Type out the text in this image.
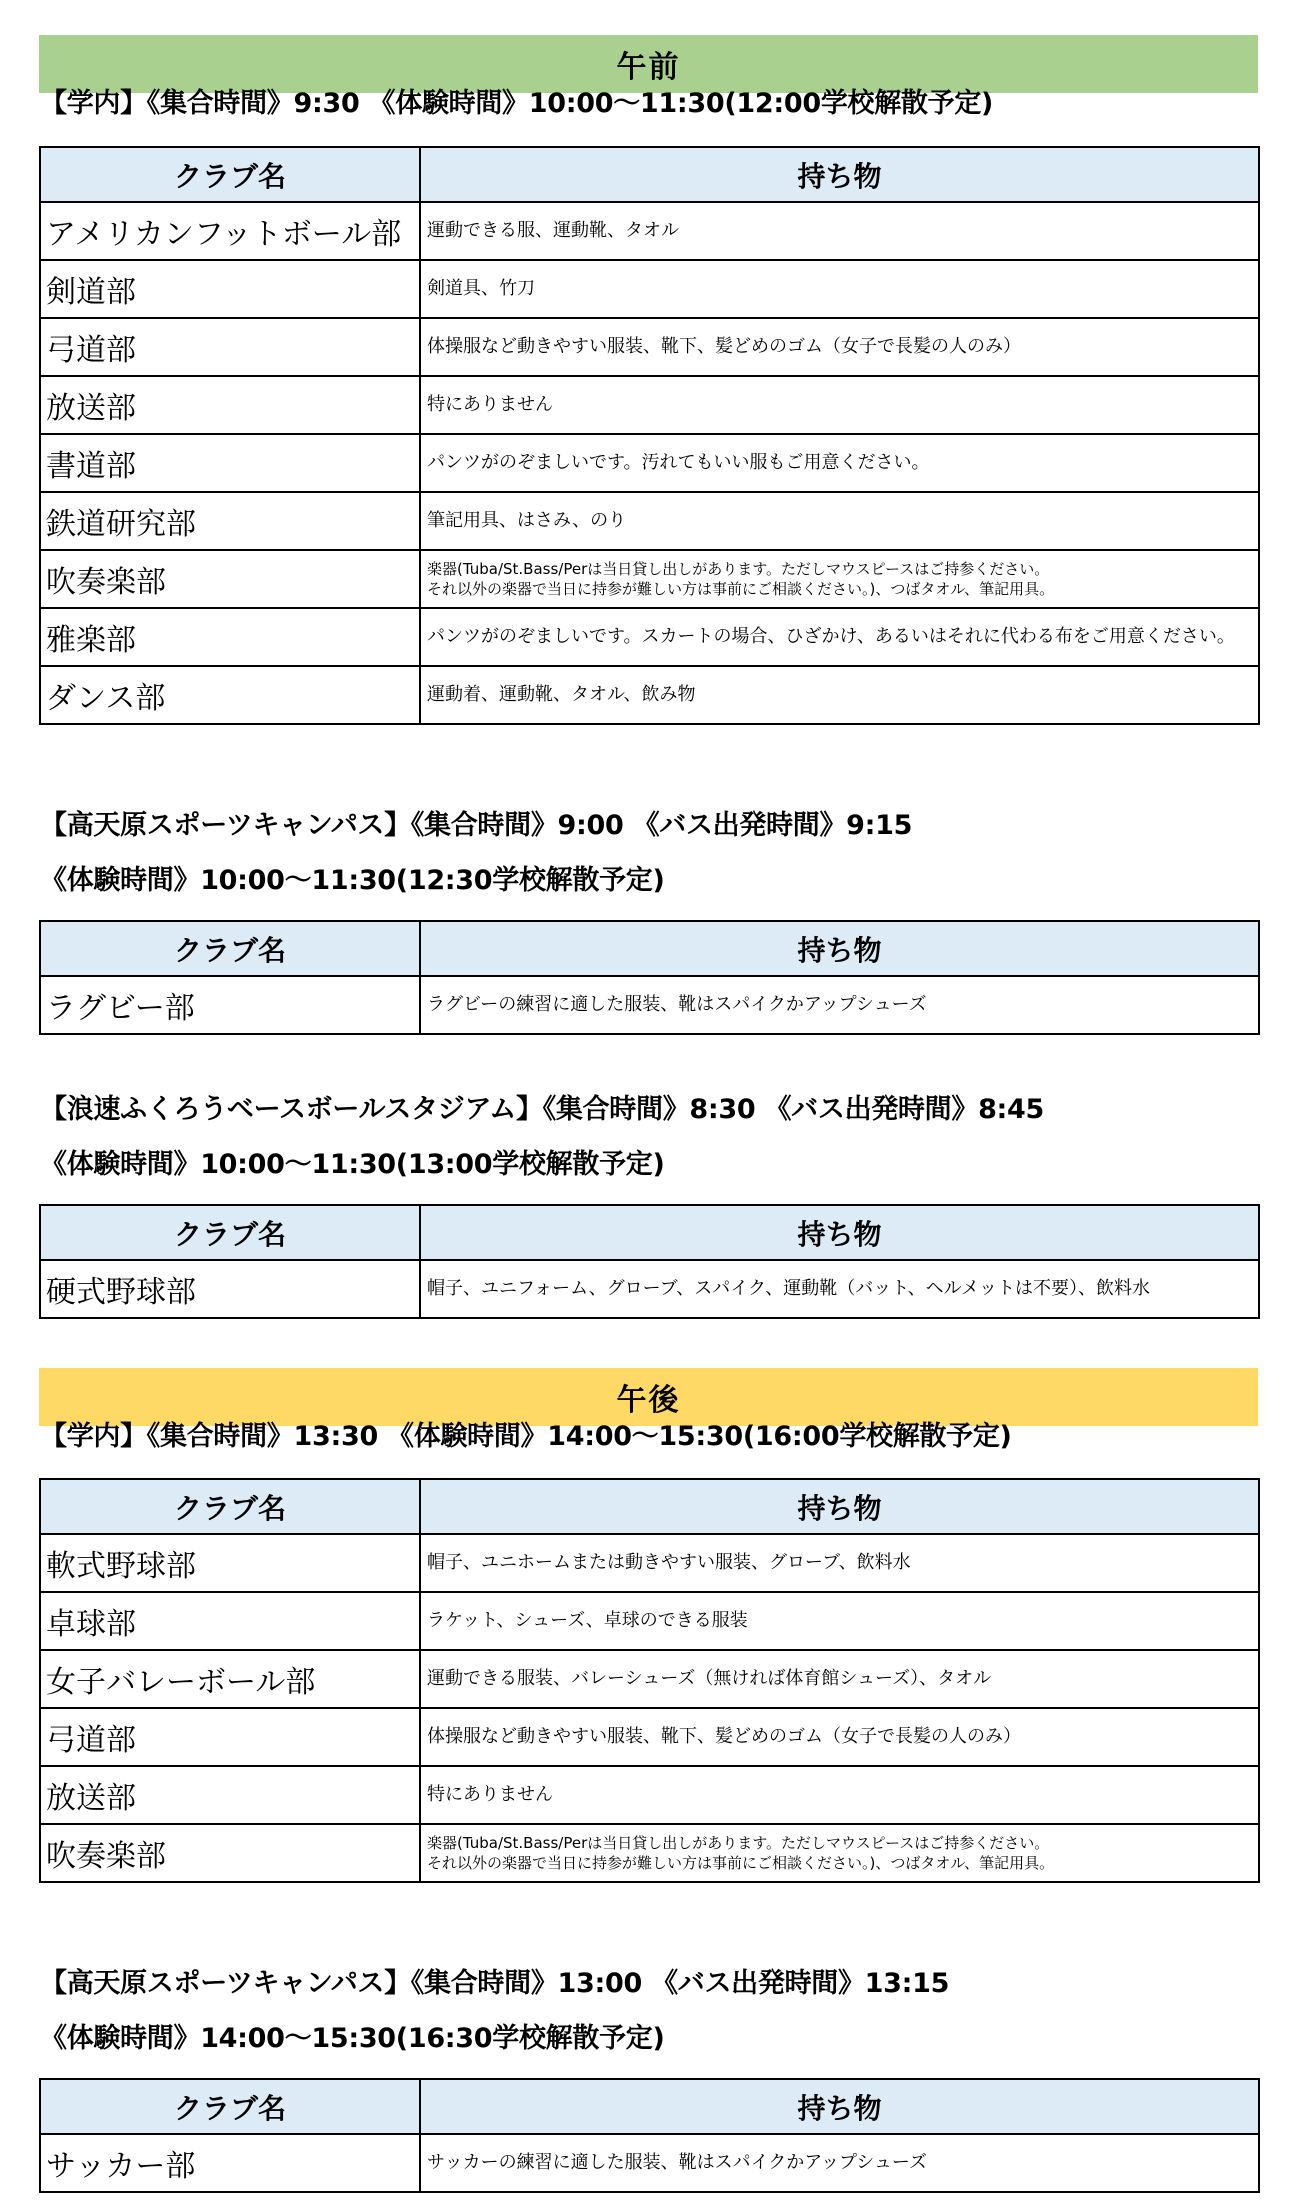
午前
【学内】《集合時間》9:30 《体験時間》10:00～11:30(12:00学校解散予定)
クラブ名	持ち物
アメリカンフットボール部	運動できる服、運動靴、タオル

剣道部	剣道具、竹刀

弓道部	体操服など動きやすい服装、靴下、髪どめのゴム（女子で長髪の人のみ）

放送部	特にありません

書道部	パンツがのぞましいです。汚れてもいい服もご用意ください。

鉄道研究部	筆記用具、はさみ、のり

吹奏楽部	楽器(Tuba/St.Bass/Perは当日貸し出しがあります。ただしマウスピースはご持参ください。
それ以外の楽器で当日に持参が難しい方は事前にご相談ください。)、つばタオル、筆記用具。

雅楽部	パンツがのぞましいです。スカートの場合、ひざかけ、あるいはそれに代わる布をご用意ください。

ダンス部	運動着、運動靴、タオル、飲み物
【高天原スポーツキャンパス】《集合時間》9:00 《バス出発時間》9:15
《体験時間》10:00～11:30(12:30学校解散予定)
クラブ名	持ち物
ラグビー部	ラグビーの練習に適した服装、靴はスパイクかアップシューズ
【浪速ふくろうベースボールスタジアム】《集合時間》8:30 《バス出発時間》8:45
《体験時間》10:00～11:30(13:00学校解散予定)
クラブ名	持ち物
硬式野球部	帽子、ユニフォーム、グローブ、スパイク、運動靴（バット、ヘルメットは不要）、飲料水
午後
【学内】《集合時間》13:30 《体験時間》14:00～15:30(16:00学校解散予定)
クラブ名	持ち物
軟式野球部	帽子、ユニホームまたは動きやすい服装、グローブ、飲料水

卓球部	ラケット、シューズ、卓球のできる服装

女子バレーボール部	運動できる服装、バレーシューズ（無ければ体育館シューズ）、タオル

弓道部	体操服など動きやすい服装、靴下、髪どめのゴム（女子で長髪の人のみ）

放送部	特にありません

吹奏楽部	楽器(Tuba/St.Bass/Perは当日貸し出しがあります。ただしマウスピースはご持参ください。
それ以外の楽器で当日に持参が難しい方は事前にご相談ください。)、つばタオル、筆記用具。
【高天原スポーツキャンパス】《集合時間》13:00 《バス出発時間》13:15
《体験時間》14:00～15:30(16:30学校解散予定)
クラブ名	持ち物
サッカー部	サッカーの練習に適した服装、靴はスパイクかアップシューズ
